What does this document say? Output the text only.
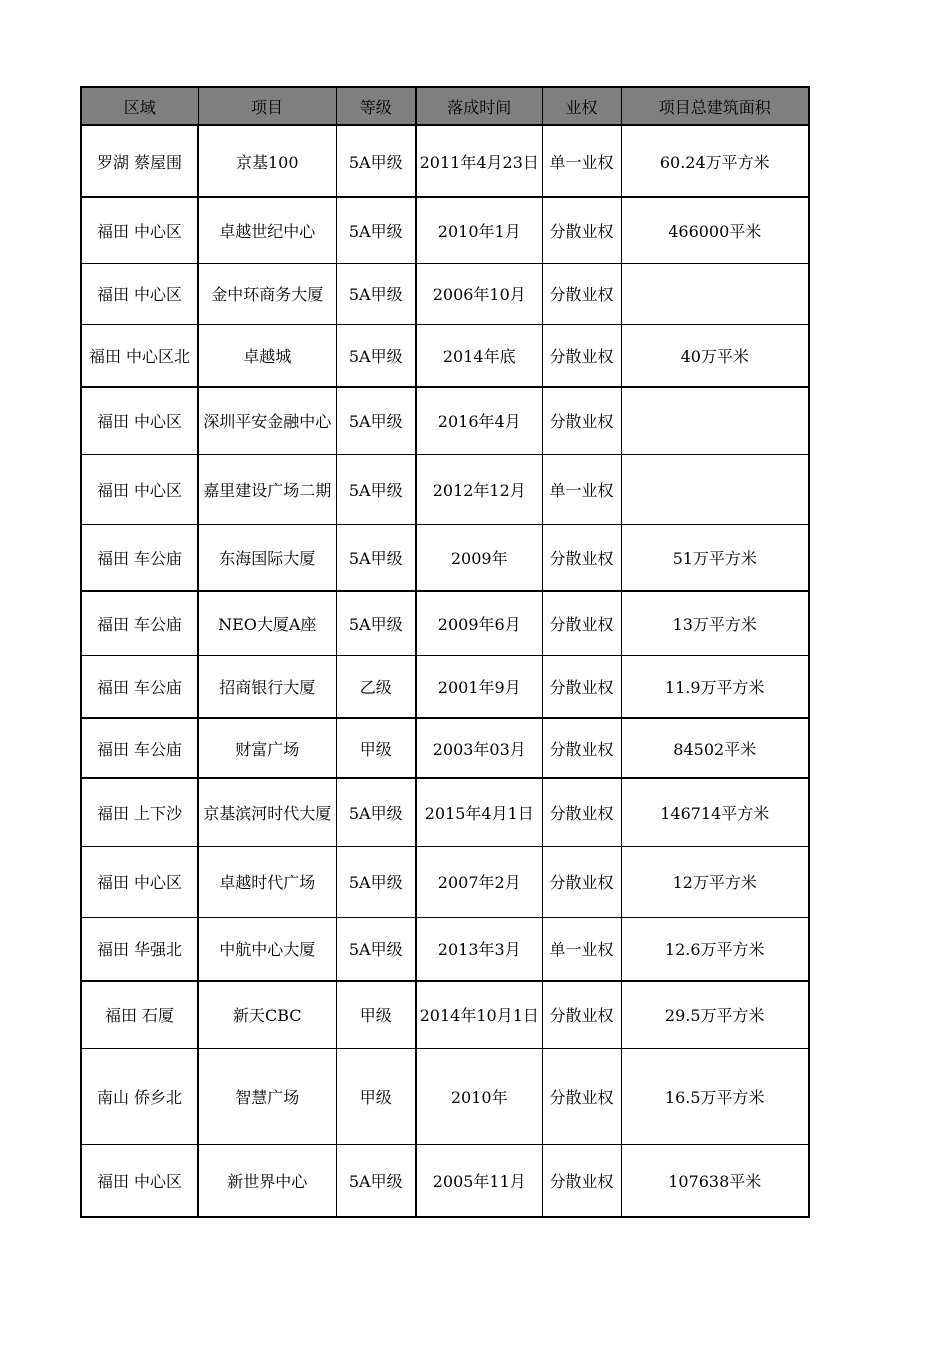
区域	项目	等级	落成时间	业权	项目总建筑面积
罗湖 蔡屋围	京基100	5A甲级	2011年4月23日	单一业权	60.24万平方米
福田 中心区	卓越世纪中心	5A甲级	2010年1月	分散业权	466000平米
福田 中心区	金中环商务大厦	5A甲级	2006年10月	分散业权	
福田 中心区北	卓越城	5A甲级	2014年底	分散业权	40万平米
福田 中心区	深圳平安金融中心	5A甲级	2016年4月	分散业权	
福田 中心区	嘉里建设广场二期	5A甲级	2012年12月	单一业权	
福田 车公庙	东海国际大厦	5A甲级	2009年	分散业权	51万平方米
福田 车公庙	NEO大厦A座	5A甲级	2009年6月	分散业权	13万平方米
福田 车公庙	招商银行大厦	乙级	2001年9月	分散业权	11.9万平方米
福田 车公庙	财富广场	甲级	2003年03月	分散业权	84502平米
福田 上下沙	京基滨河时代大厦	5A甲级	2015年4月1日	分散业权	146714平方米
福田 中心区	卓越时代广场	5A甲级	2007年2月	分散业权	12万平方米
福田 华强北	中航中心大厦	5A甲级	2013年3月	单一业权	12.6万平方米
福田 石厦	新天CBC	甲级	2014年10月1日	分散业权	29.5万平方米
南山 侨乡北	智慧广场	甲级	2010年	分散业权	16.5万平方米
福田 中心区	新世界中心	5A甲级	2005年11月	分散业权	107638平米
